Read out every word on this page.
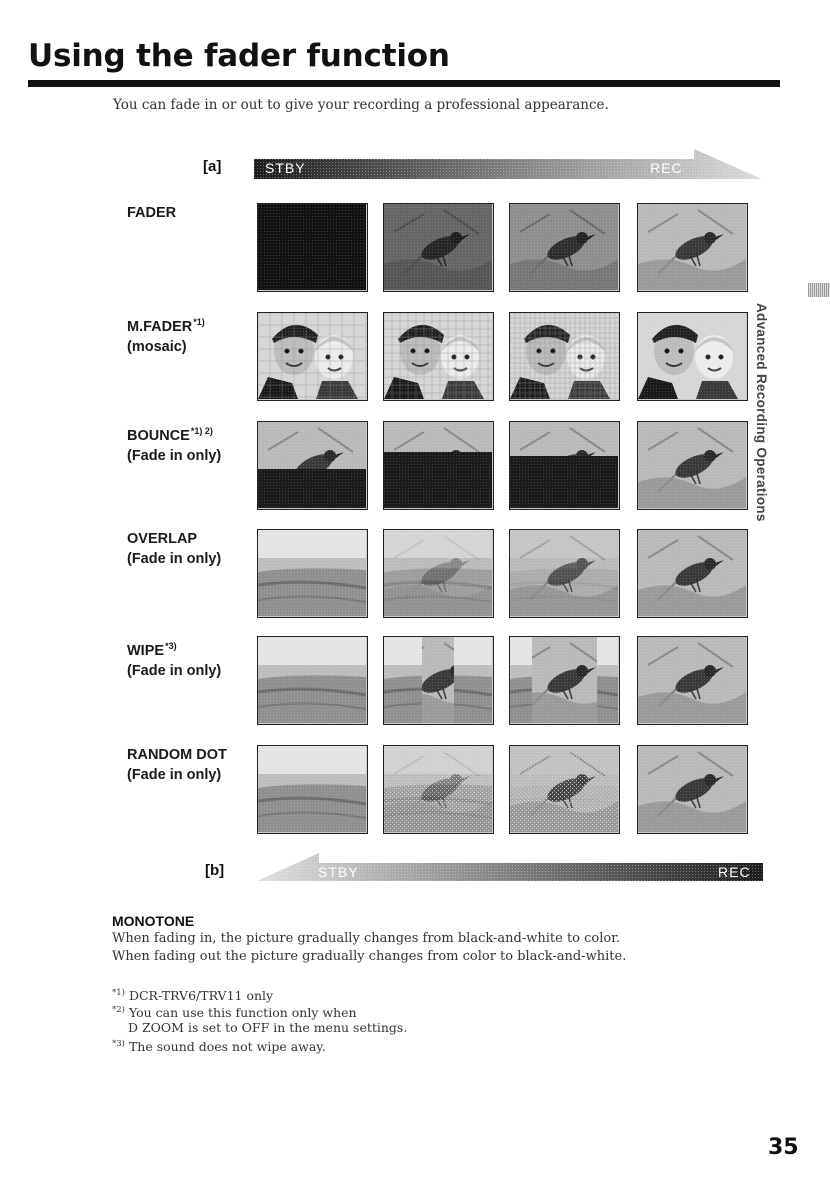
Using the fader function
You can fade in or out to give your recording a professional appearance.
[a]	STBY	REC
FADER
M.FADER$^{*1)}$
(mosaic)
$BOUNCE^{*1) 2)}$
(Fade in only)
OVERLAP
(Fade in only)
WIPE$^{*3)}$
(Fade in only)
RANDOM DOT
(Fade in only)
Advanced Recording Operations
[b]	STBY	REC
MONOTONE
When fading in, the picture gradually changes from black-and-white to color.
When fading out the picture gradually changes from color to black-and-white.
$^{*1)}$ DCR-TRV6/TRV11 only
$^{*2)}$ You can use this function only when
D ZOOM is set to OFF in the menu settings.
$^{*3)}$ The sound does not wipe away.
35
